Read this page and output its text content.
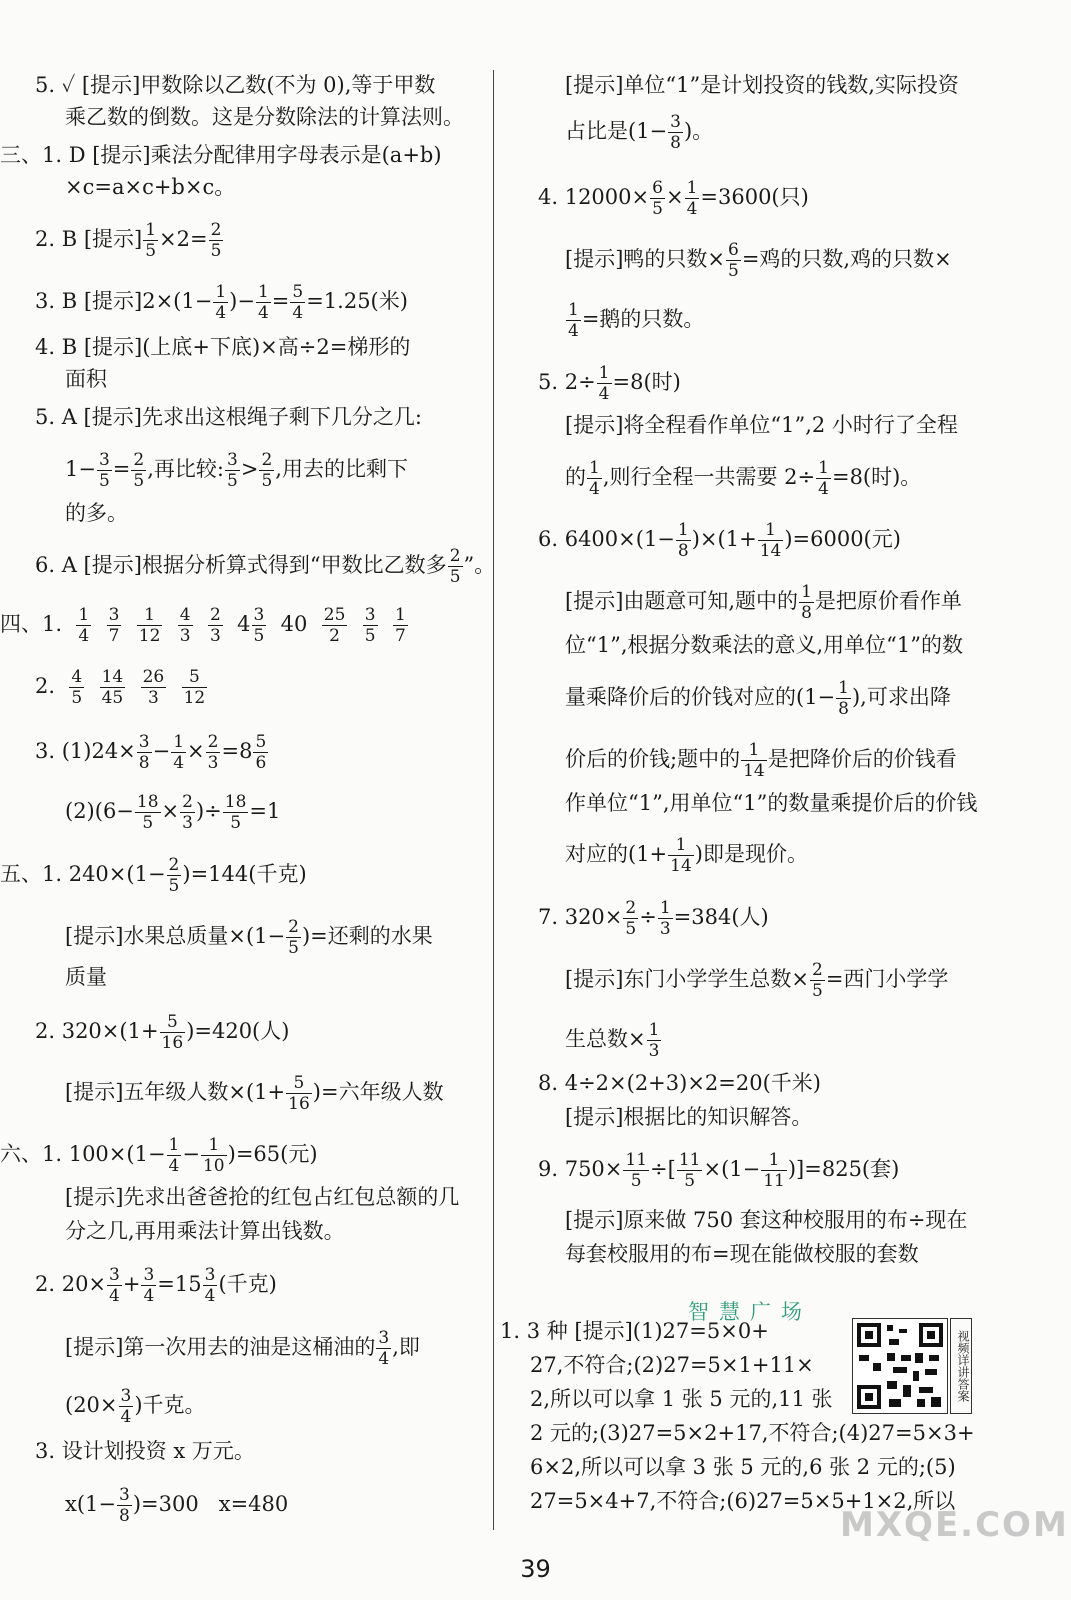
5. ✓ [提示]甲数除以乙数(不为 0),等于甲数
乘乙数的倒数。这是分数除法的计算法则。
三、1. D [提示]乘法分配律用字母表示是(a+b)
×c=a×c+b×c。
2. B [提示] $\frac{1}{5} \times 2= \frac{2}{5}$
3. B [提示]$2\times(1- \frac{1}{4}$ )− $\frac{1}{4} = \frac{5}{4} =1.25$(米)
4. B [提示](上底+下底)×高÷2=梯形的
面积
5. A [提示]先求出这根绳子剩下几分之几:
$1- \frac{3}{5} = \frac{2}{5}$ ,再比较: $\frac{3}{5} > \frac{2}{5}$ ,用去的比剩下
的多。
6. A [提示]根据分析算式得到“甲数比乙数多 $\frac{2}{5}$ ”。
四、1. $\frac{1}{4}$
$\frac{3}{7}$
$\frac{1}{12}$
$\frac{4}{3}$
$\frac{2}{3} 4 \frac{3}{5} 40 \frac{25}{2}$
$\frac{3}{5}$
$\frac{1}{7}$
2. $\frac{4}{5}$
$\frac{14}{45}$
$\frac{26}{3}$
$\frac{5}{12}$
3. $(1)24\times \frac{3}{8} - \frac{1}{4} \times \frac{2}{3} =8 \frac{5}{6}$
$(2)(6- \frac{18}{5} \times \frac{2}{3}$ )÷ $\frac{18}{5} =1$
五、1. $240\times(1- \frac{2}{5} )=144$(千克)
[提示]水果总质量$\times(1- \frac{2}{5}$ )=还剩的水果
质量
2. $320\times(1+ \frac{5}{16} )=420$(人)
[提示]五年级人数$\times(1+ \frac{5}{16}$ )=六年级人数
六、1. $100\times(1- \frac{1}{4} - \frac{1}{10} )=65$(元)
[提示]先求出爸爸抢的红包占红包总额的几
分之几,再用乘法计算出钱数。
2. $20\times \frac{3}{4} + \frac{3}{4} =15 \frac{3}{4}$ (千克)
[提示]第一次用去的油是这桶油的 $\frac{3}{4}$ ,即
($20\times \frac{3}{4}$ )千克。
3. 设计划投资 x 万元。
$x(1- \frac{3}{8} )=300$   x=480
[提示]单位“1”是计划投资的钱数,实际投资
占比是($1- \frac{3}{8}$ )。
4. $12000\times \frac{6}{5} \times \frac{1}{4} =3600$(只)
[提示]鸭的只数× $\frac{6}{5}$ =鸡的只数,鸡的只数×
$\frac{1}{4}$ =鹅的只数。
5. $2\div \frac{1}{4} =8$(时)
[提示]将全程看作单位“1”,2 小时行了全程
的 $\frac{1}{4}$ ,则行全程一共需要 $2\div \frac{1}{4} =8$(时)。
6. $6400\times(1- \frac{1}{8} )\times(1+ \frac{1}{14} )=6000$(元)
[提示]由题意可知,题中的 $\frac{1}{8}$ 是把原价看作单
位“1”,根据分数乘法的意义,用单位“1”的数
量乘降价后的价钱对应的($1- \frac{1}{8}$ ),可求出降
价后的价钱;题中的 $\frac{1}{14}$ 是把降价后的价钱看
作单位“1”,用单位“1”的数量乘提价后的价钱
对应的($1+ \frac{1}{14}$ )即是现价。
7. $320\times \frac{2}{5} \div \frac{1}{3} =384$(人)
[提示]东门小学学生总数× $\frac{2}{5}$ =西门小学学
生总数× $\frac{1}{3}$
8. 4÷2×(2+3)×2=20(千米)
[提示]根据比的知识解答。
9. $750\times \frac{11}{5}$ ÷[ $\frac{11}{5} \times(1- \frac{1}{11} )]=825$(套)
[提示]原来做 750 套这种校服用的布÷现在
每套校服用的布=现在能做校服的套数
1. 3 种 [提示](1)27=5×0+
27,不符合;(2)27=5×1+11×
2,所以可以拿 1 张 5 元的,11 张
2 元的;(3)27=5×2+17,不符合;(4)27=5×3+
6×2,所以可以拿 3 张 5 元的,6 张 2 元的;(5)
27=5×4+7,不符合;(6)27=5×5+1×2,所以
智慧广场
视频详讲答案
MXQE.COM
39
